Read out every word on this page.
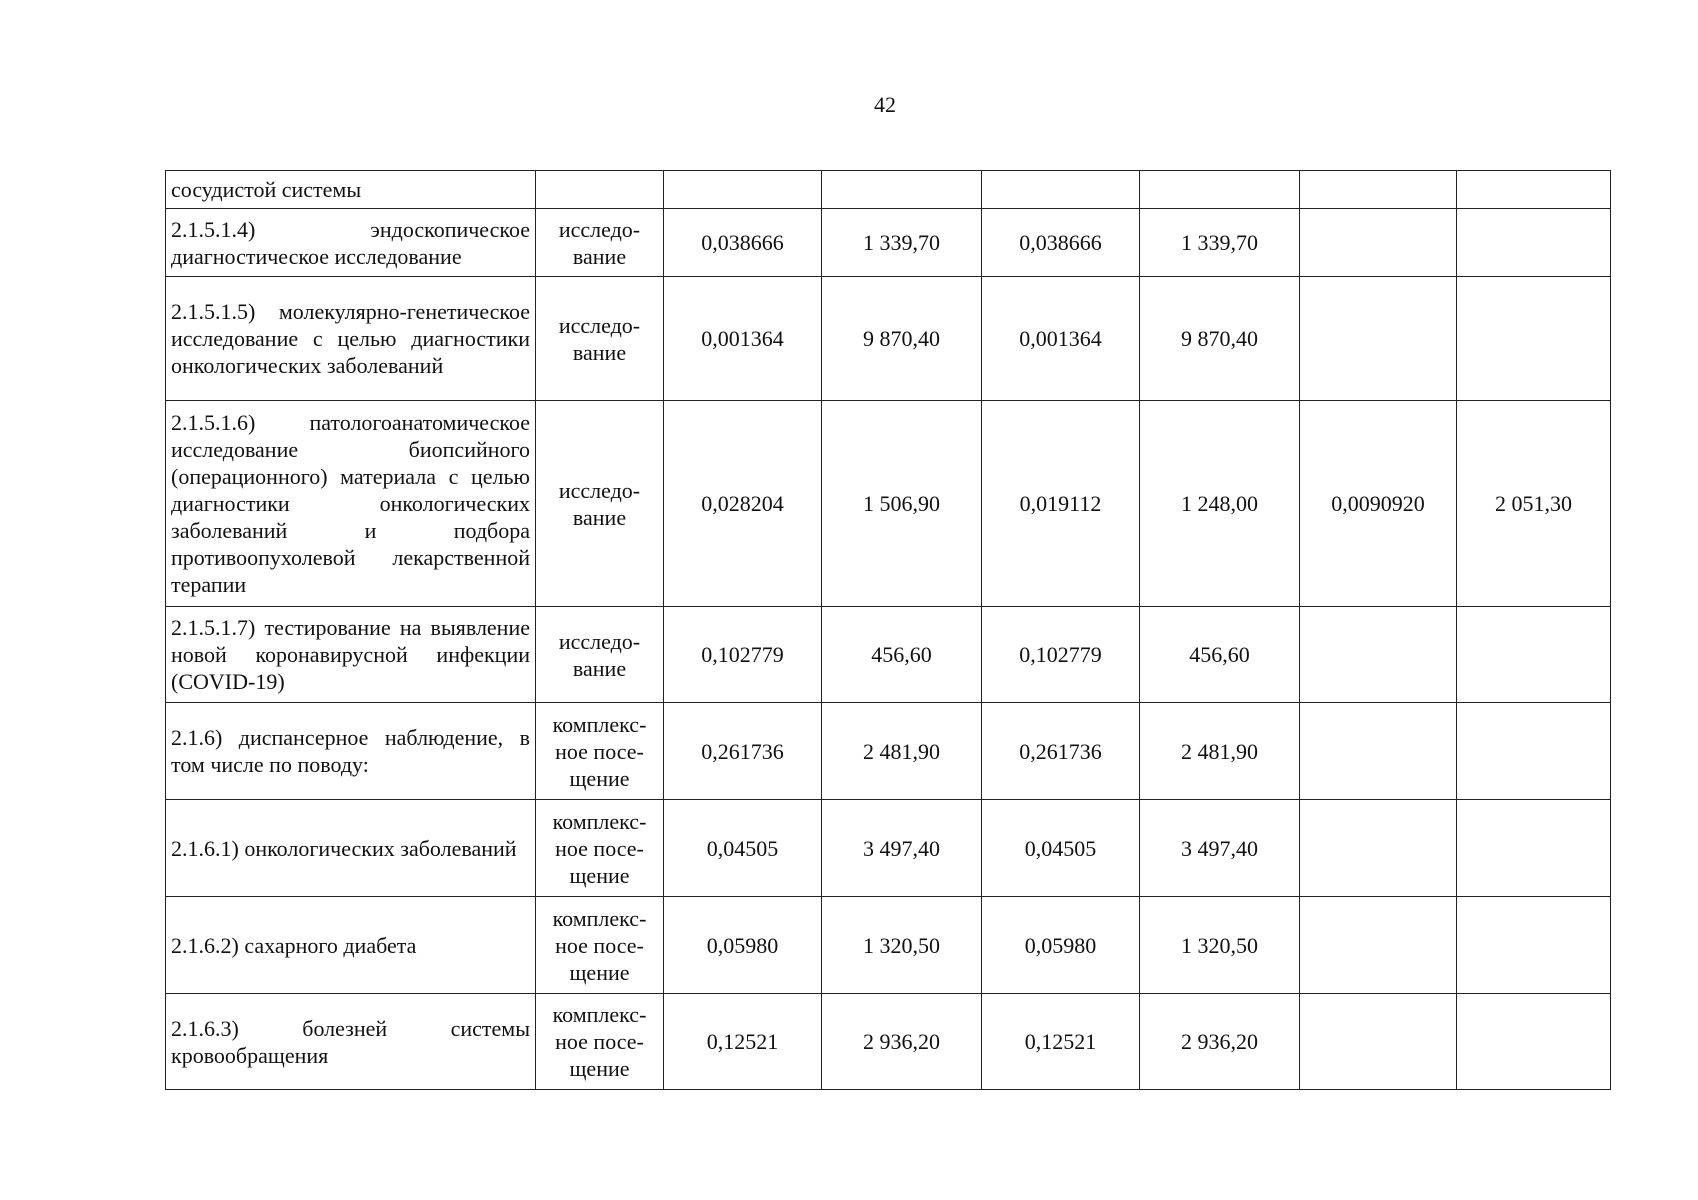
42
сосудистой системы							
2.1.5.1.4) эндоскопическое диагностическое исследование	исследо-вание	0,038666	1 339,70	0,038666	1 339,70		
2.1.5.1.5) молекулярно-генетическое исследование с целью диагностики онкологических заболеваний	исследо-вание	0,001364	9 870,40	0,001364	9 870,40		
2.1.5.1.6) патологоанатомическое исследование биопсийного (операционного) материала с целью диагностики онкологических заболеваний и подбора противоопухолевой лекарственной терапии	исследо-вание	0,028204	1 506,90	0,019112	1 248,00	0,0090920	2 051,30
2.1.5.1.7) тестирование на выявление новой коронавирусной инфекции (COVID-19)	исследо-вание	0,102779	456,60	0,102779	456,60		
2.1.6) диспансерное наблюдение, в том числе по поводу:	комплекс-ное посе-щение	0,261736	2 481,90	0,261736	2 481,90		
2.1.6.1) онкологических заболеваний	комплекс-ное посе-щение	0,04505	3 497,40	0,04505	3 497,40		
2.1.6.2) сахарного диабета	комплекс-ное посе-щение	0,05980	1 320,50	0,05980	1 320,50		
2.1.6.3) болезней системы кровообращения	комплекс-ное посе-щение	0,12521	2 936,20	0,12521	2 936,20		
